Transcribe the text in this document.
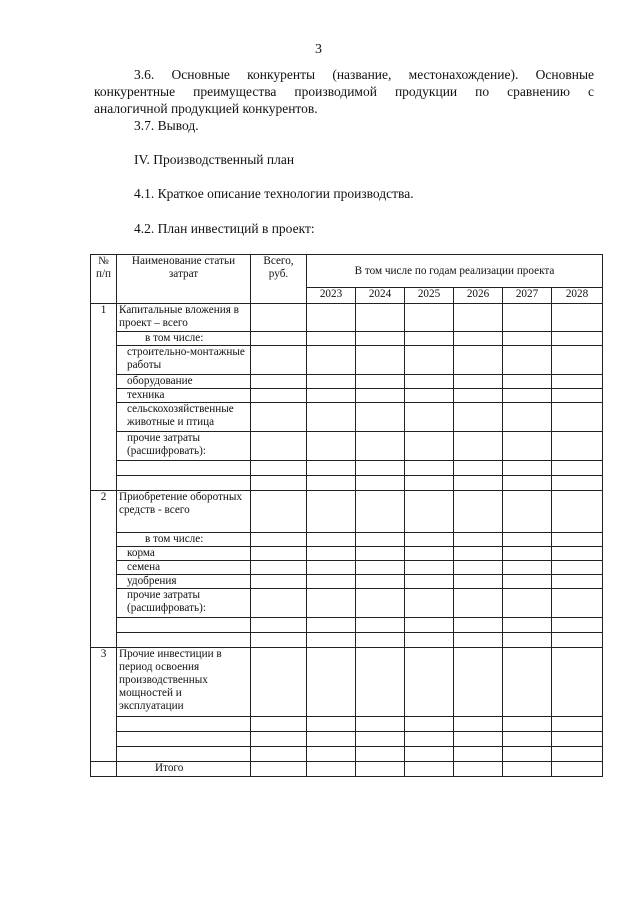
3
3.6. Основные конкуренты (название, местонахождение). Основные
конкурентные преимущества производимой продукции по сравнению с
аналогичной продукцией конкурентов.
3.7. Вывод.
IV. Производственный план
4.1. Краткое описание технологии производства.
4.2. План инвестиций в проект:
№ п/п	Наименование статьи затрат	Всего, руб.	В том числе по годам реализации проекта					
			2023	2024	2025	2026	2027	2028
1	Капитальные вложения в проект – всего							
	в том числе:							
	строительно-монтажные работы							
	оборудование							
	техника							
	сельскохозяйственные животные и птица							
	прочие затраты (расшифровать):							

2	Приобретение оборотных средств - всего							
	в том числе:							
	корма							
	семена							
	удобрения							
	прочие затраты (расшифровать):							

3	Прочие инвестиции в период освоения производственных мощностей и эксплуатации							

	Итого							
